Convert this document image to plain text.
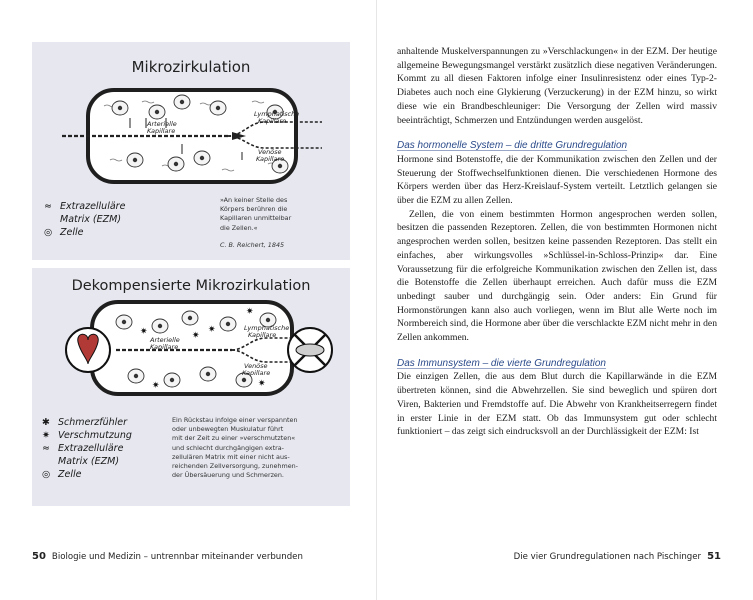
Mikrozirkulation
Arterielle
Kapillare
Lymphatische
Kapillare
Venöse
Kapillare
≈ Extrazelluläre
Matrix (EZM)
◎ Zelle
»An keiner Stelle des
Körpers berühren die
Kapillaren unmittelbar
die Zellen.«
C. B. Reichert, 1845
Dekompensierte Mikrozirkulation
✷	✷
✷
✷	✷
✷
Arterielle
Kapillare
Lymphatische
Kapillare
Venöse
Kapillare
✱ Schmerzfühler
✷ Verschmutzung
≈ Extrazelluläre
Matrix (EZM)
◎ Zelle
Ein Rückstau infolge einer verspannten
oder unbewegten Muskulatur führt
mit der Zeit zu einer »verschmutzten«
und schlecht durchgängigen extra-
zellulären Matrix mit einer nicht aus-
reichenden Zellversorgung, zunehmen-
der Übersäuerung und Schmerzen.
50 Biologie und Medizin – untrennbar miteinander verbunden

anhaltende Muskelverspannungen zu »Verschlackungen« in der EZM. Der heutige allgemeine Bewegungsmangel verstärkt zusätzlich diese negativen Veränderungen. Kommt zu all diesen Faktoren infolge einer Insulinresistenz oder eines Typ-2-Diabetes auch noch eine Glykierung (Verzuckerung) in der EZM hinzu, so wirkt diese wie ein Brandbeschleuniger: Die Versorgung der Zellen wird massiv beeinträchtigt, Schmerzen und Entzündungen werden ausgelöst.

Das hormonelle System – die dritte Grundregulation

Hormone sind Botenstoffe, die der Kommunikation zwischen den Zellen und der Steuerung der Stoffwechselfunktionen dienen. Die verschiedenen Hormone des Körpers werden über das Herz-Kreislauf-System verteilt. Letztlich gelangen sie über die EZM zu allen Zellen.

Zellen, die von einem bestimmten Hormon angesprochen werden sollen, besitzen die passenden Rezeptoren. Zellen, die von bestimmten Hormonen nicht angesprochen werden sollen, besitzen keine passenden Rezeptoren. Das stellt ein einfaches, aber wirkungsvolles »Schlüssel-in-Schloss-Prinzip« dar. Eine Voraussetzung für die erfolgreiche Kommunikation zwischen den Zellen ist, dass die Botenstoffe die Zellen überhaupt erreichen. Auch dafür muss die EZM unbedingt sauber und durchgängig sein. Oder anders: Ein Grund für Hormonstörungen kann also auch vorliegen, wenn im Blut alle Werte noch im Normbereich sind, die Hormone aber über die verschlackte EZM nicht mehr in den Zellen ankommen.

Das Immunsystem – die vierte Grundregulation

Die einzigen Zellen, die aus dem Blut durch die Kapillarwände in die EZM übertreten können, sind die Abwehrzellen. Sie sind beweglich und spüren dort Viren, Bakterien und Fremdstoffe auf. Die Abwehr von Krankheitserregern findet in erster Linie in der EZM statt. Ob das Immunsystem gut oder schlecht funktioniert – das zeigt sich eindrucksvoll an der Durchlässigkeit der EZM: Ist

Die vier Grundregulationen nach Pischinger 51
